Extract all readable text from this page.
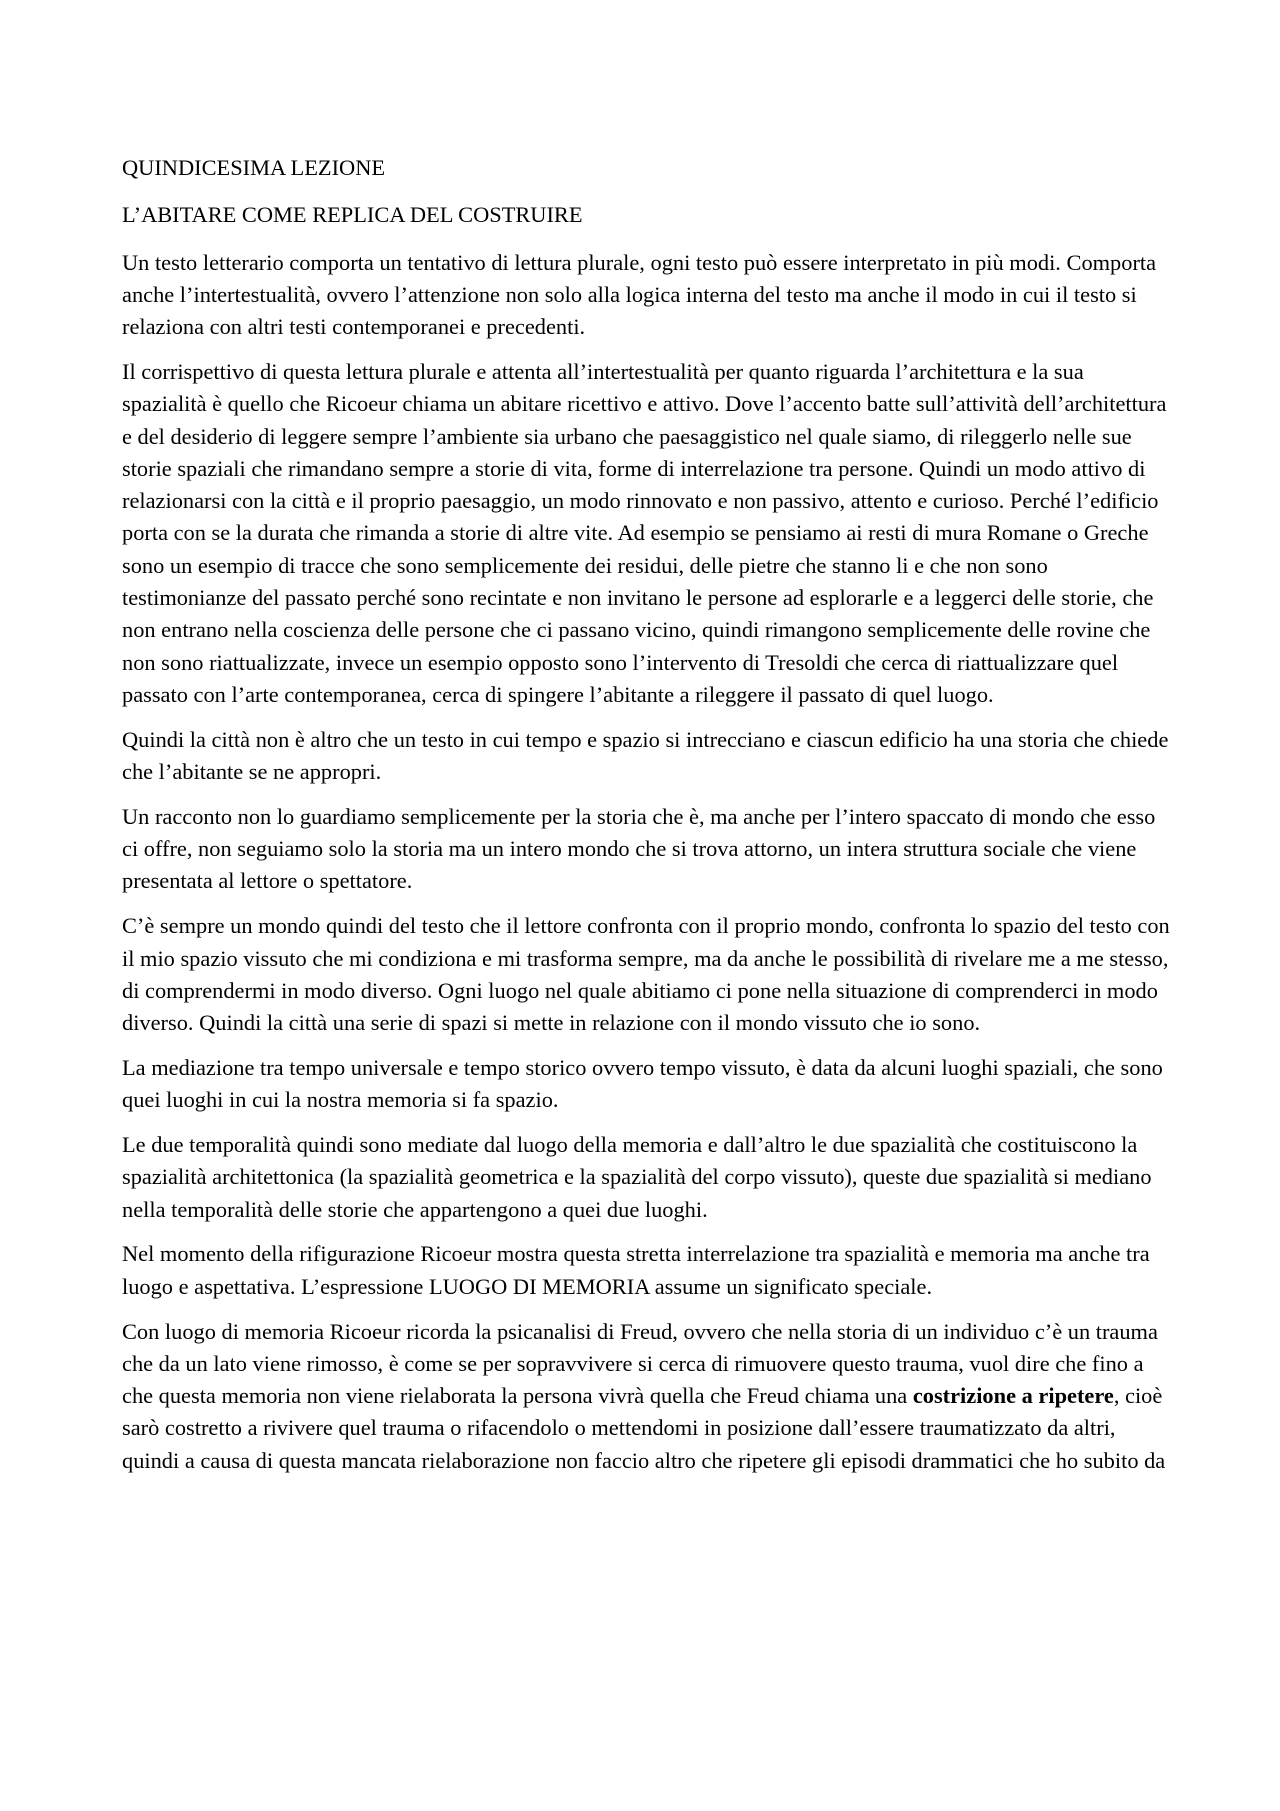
QUINDICESIMA LEZIONE

L’ABITARE COME REPLICA DEL COSTRUIRE

Un testo letterario comporta un tentativo di lettura plurale, ogni testo può essere interpretato in più modi. Comporta anche l’intertestualità, ovvero l’attenzione non solo alla logica interna del testo ma anche il modo in cui il testo si relaziona con altri testi contemporanei e precedenti.

Il corrispettivo di questa lettura plurale e attenta all’intertestualità per quanto riguarda l’architettura e la sua spazialità è quello che Ricoeur chiama un abitare ricettivo e attivo. Dove l’accento batte sull’attività dell’architettura e del desiderio di leggere sempre l’ambiente sia urbano che paesaggistico nel quale siamo, di rileggerlo nelle sue storie spaziali che rimandano sempre a storie di vita, forme di interrelazione tra persone. Quindi un modo attivo di relazionarsi con la città e il proprio paesaggio, un modo rinnovato e non passivo, attento e curioso. Perché l’edificio porta con se la durata che rimanda a storie di altre vite. Ad esempio se pensiamo ai resti di mura Romane o Greche sono un esempio di tracce che sono semplicemente dei residui, delle pietre che stanno li e che non sono testimonianze del passato perché sono recintate e non invitano le persone ad esplorarle e a leggerci delle storie, che non entrano nella coscienza delle persone che ci passano vicino, quindi rimangono semplicemente delle rovine che non sono riattualizzate, invece un esempio opposto sono l’intervento di Tresoldi che cerca di riattualizzare quel passato con l’arte contemporanea, cerca di spingere l’abitante a rileggere il passato di quel luogo.

Quindi la città non è altro che un testo in cui tempo e spazio si intrecciano e ciascun edificio ha una storia che chiede che l’abitante se ne appropri.

Un racconto non lo guardiamo semplicemente per la storia che è, ma anche per l’intero spaccato di mondo che esso ci offre, non seguiamo solo la storia ma un intero mondo che si trova attorno, un intera struttura sociale che viene presentata al lettore o spettatore.

C’è sempre un mondo quindi del testo che il lettore confronta con il proprio mondo, confronta lo spazio del testo con il mio spazio vissuto che mi condiziona e mi trasforma sempre, ma da anche le possibilità di rivelare me a me stesso, di comprendermi in modo diverso. Ogni luogo nel quale abitiamo ci pone nella situazione di comprenderci in modo diverso. Quindi la città una serie di spazi si mette in relazione con il mondo vissuto che io sono.

La mediazione tra tempo universale e tempo storico ovvero tempo vissuto, è data da alcuni luoghi spaziali, che sono quei luoghi in cui la nostra memoria si fa spazio.

Le due temporalità quindi sono mediate dal luogo della memoria e dall’altro le due spazialità che costituiscono la spazialità architettonica (la spazialità geometrica e la spazialità del corpo vissuto), queste due spazialità si mediano nella temporalità delle storie che appartengono a quei due luoghi.

Nel momento della rifigurazione Ricoeur mostra questa stretta interrelazione tra spazialità e memoria ma anche tra luogo e aspettativa. L’espressione LUOGO DI MEMORIA assume un significato speciale.

Con luogo di memoria Ricoeur ricorda la psicanalisi di Freud, ovvero che nella storia di un individuo c’è un trauma che da un lato viene rimosso, è come se per sopravvivere si cerca di rimuovere questo trauma, vuol dire che fino a che questa memoria non viene rielaborata la persona vivrà quella che Freud chiama una costrizione a ripetere, cioè sarò costretto a rivivere quel trauma o rifacendolo o mettendomi in posizione dall’essere traumatizzato da altri, quindi a causa di questa mancata rielaborazione non faccio altro che ripetere gli episodi drammatici che ho subito da
